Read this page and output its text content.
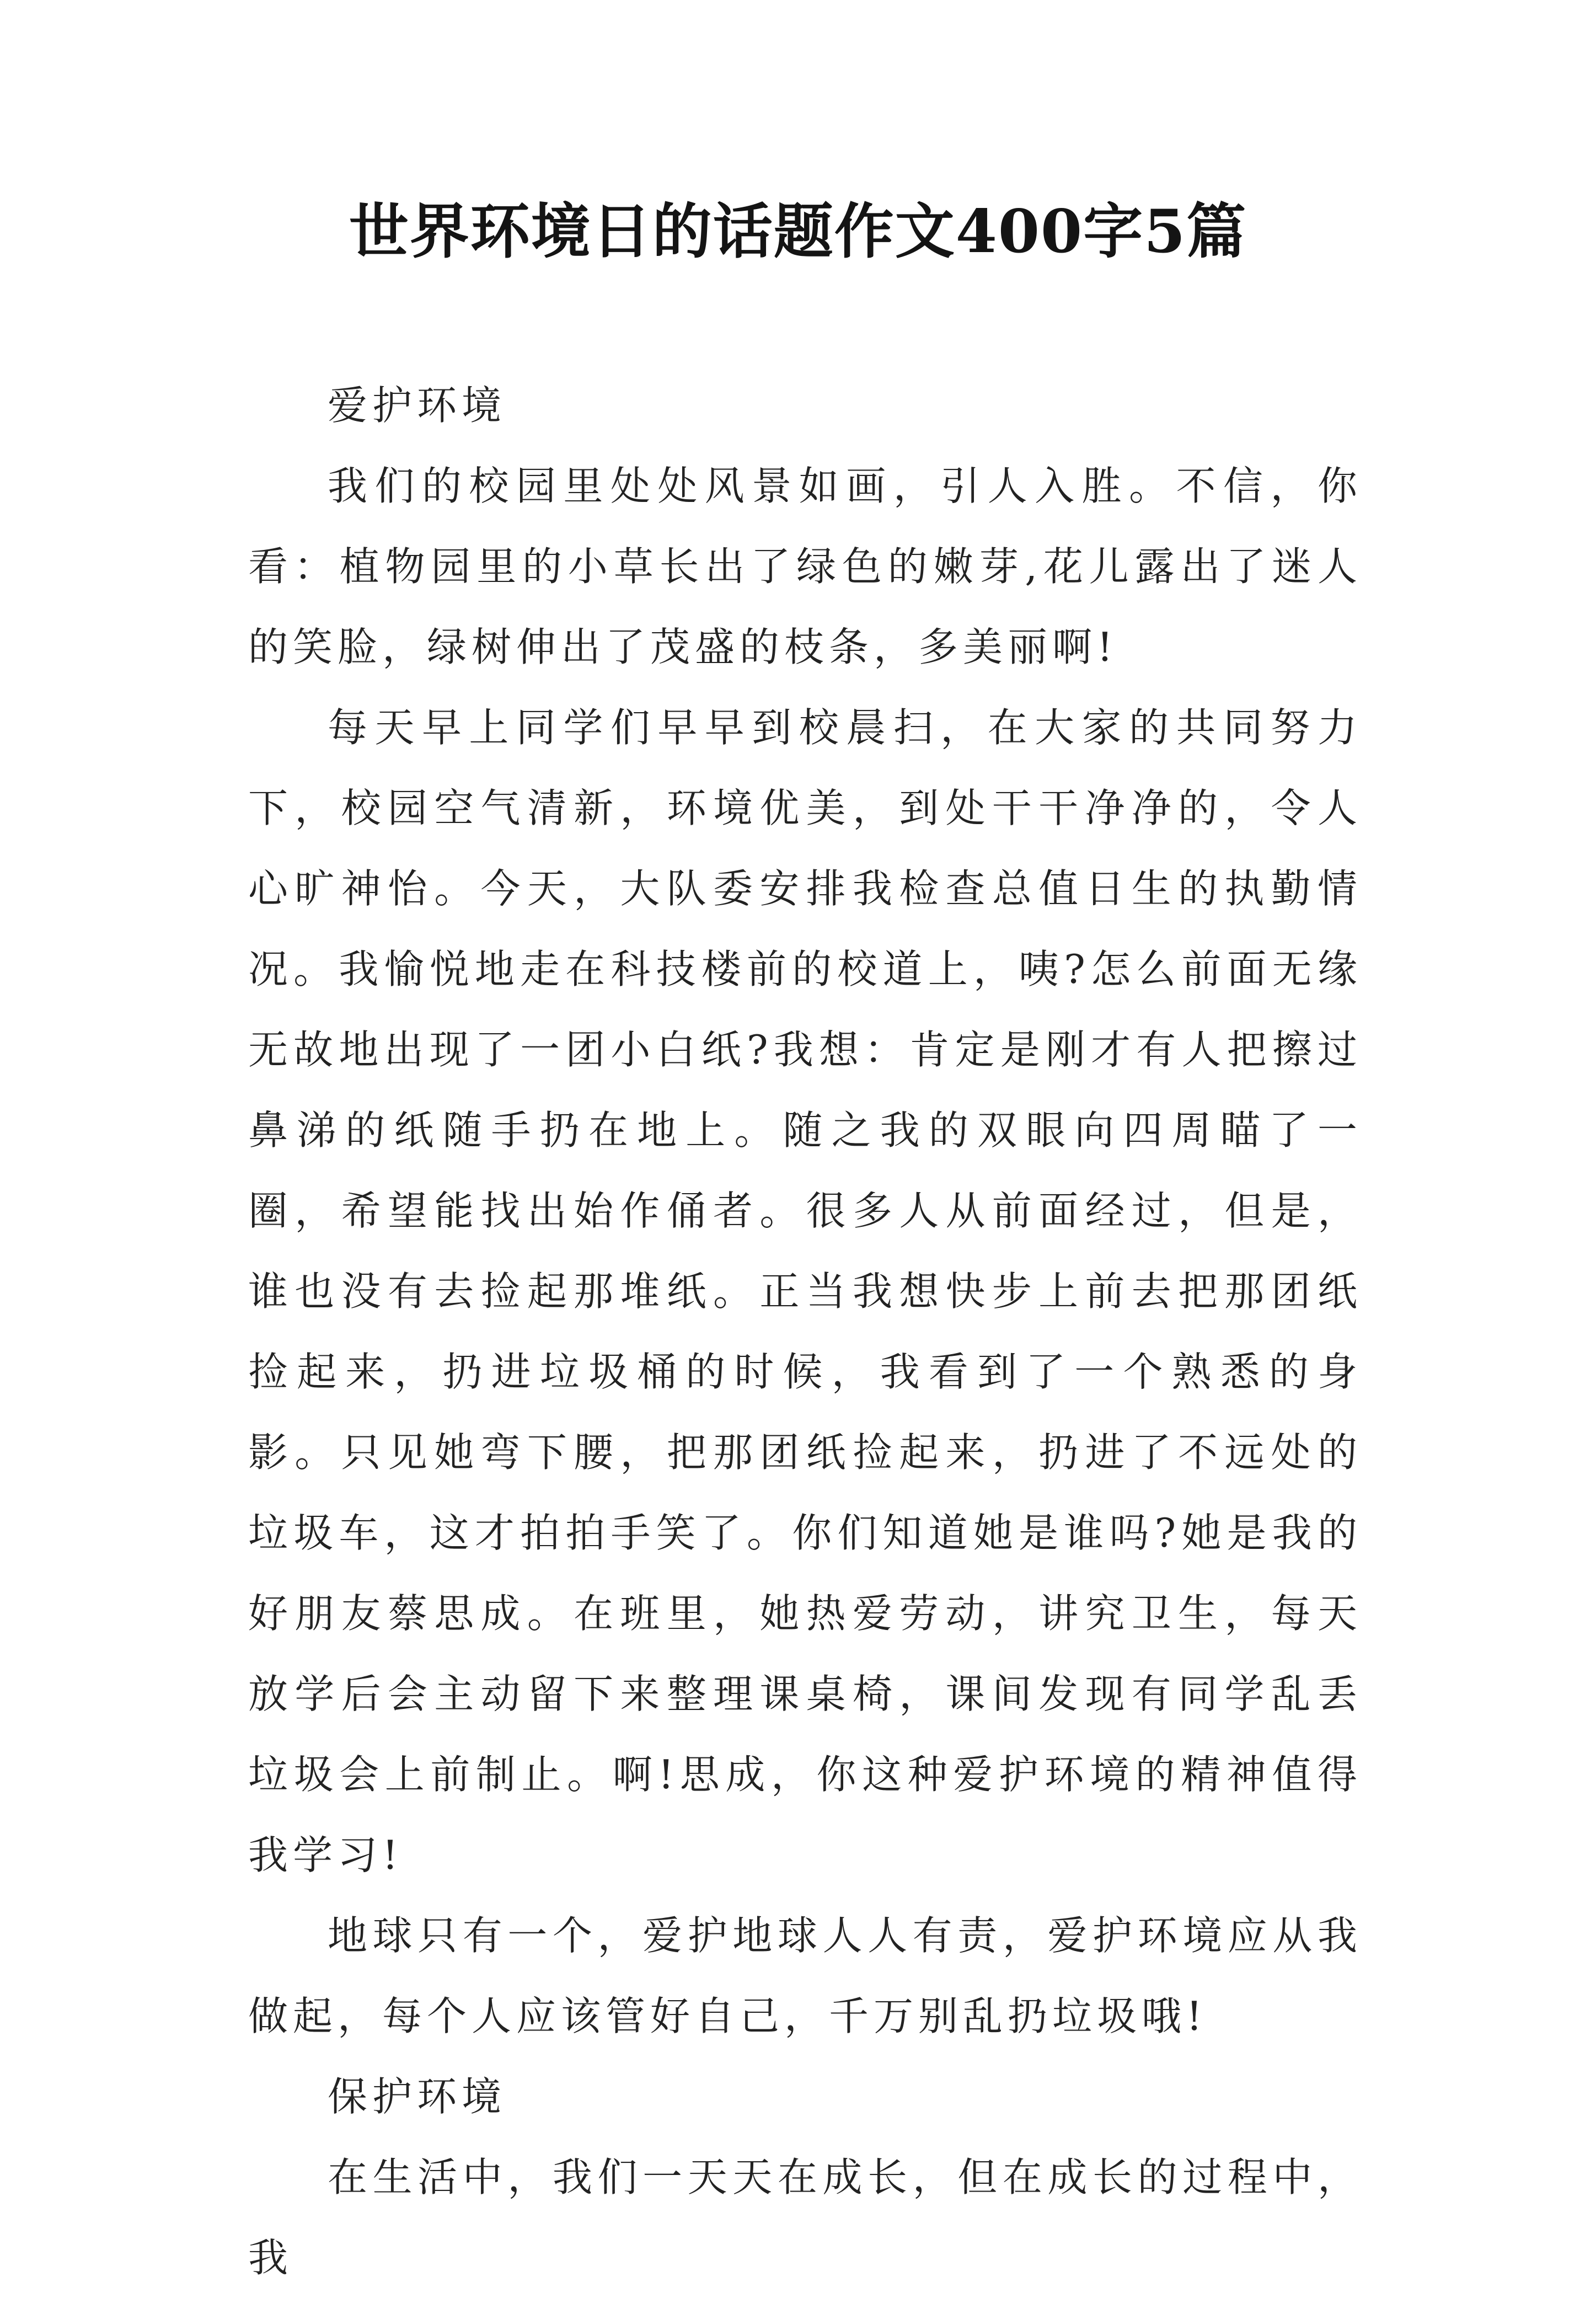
世界环境日的话题作文400字5篇

爱护环境

我们的校园里处处风景如画，引人入胜。不信，你看：植物园里的小草长出了绿色的嫩芽,花儿露出了迷人的笑脸，绿树伸出了茂盛的枝条，多美丽啊!

每天早上同学们早早到校晨扫，在大家的共同努力下，校园空气清新，环境优美，到处干干净净的，令人心旷神怡。今天，大队委安排我检查总值日生的执勤情况。我愉悦地走在科技楼前的校道上，咦?怎么前面无缘无故地出现了一团小白纸?我想：肯定是刚才有人把擦过鼻涕的纸随手扔在地上。随之我的双眼向四周瞄了一圈，希望能找出始作俑者。很多人从前面经过，但是，谁也没有去捡起那堆纸。正当我想快步上前去把那团纸捡起来，扔进垃圾桶的时候，我看到了一个熟悉的身影。只见她弯下腰，把那团纸捡起来，扔进了不远处的垃圾车，这才拍拍手笑了。你们知道她是谁吗?她是我的好朋友蔡思成。在班里，她热爱劳动，讲究卫生，每天放学后会主动留下来整理课桌椅，课间发现有同学乱丢垃圾会上前制止。啊!思成，你这种爱护环境的精神值得我学习!

地球只有一个，爱护地球人人有责，爱护环境应从我做起，每个人应该管好自己，千万别乱扔垃圾哦!

保护环境

在生活中，我们一天天在成长，但在成长的过程中，我
